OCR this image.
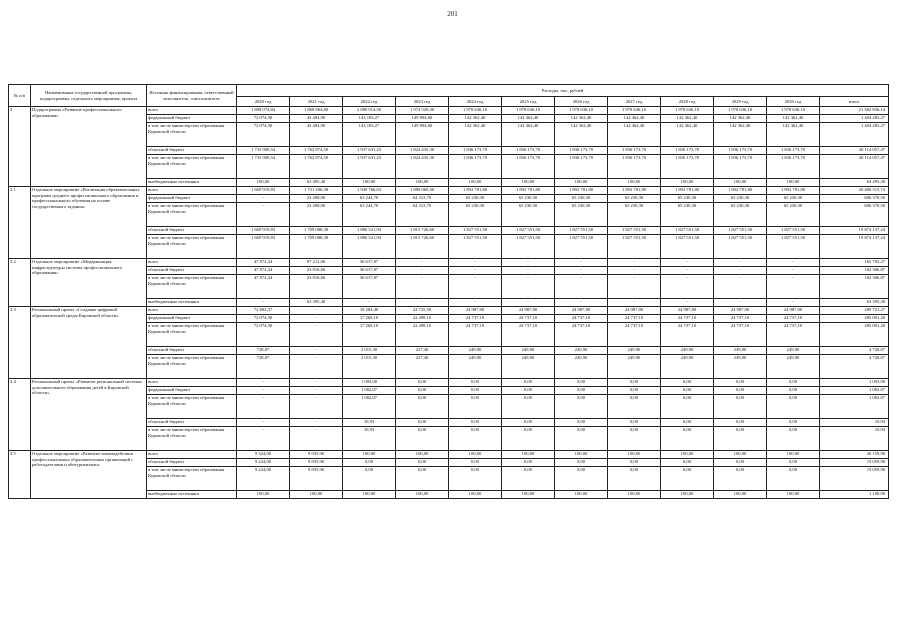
201
№ п/п	Наименование государственной программы, подпрограммы, отдельного мероприятия, проекта	Источник финансирования, ответственный исполнитель, соисполнитель	Расходы, тыс. рублей											
			2020 год	2021 год	2022 год	2023 год	2024 год	2025 год	2026 год	2027 год	2028 год	2029 год	2030 год	итого
3	Подпрограмма «Развитие профессионального образования»	всего	1 808 074,84	1 868 864,80	2 080 914,50	1 974 529,30	1 978 636,10	1 978 636,10	1 978 636,10	1 978 636,10	1 978 636,10	1 978 636,10	1 978 636,10	21 582 836,14
		федеральный бюджет	72 074,30	42 494,90	143 183,27	149 994,00	142 362,40	142 362,40	142 362,40	142 362,40	142 362,40	142 362,40	142 362,40	1 404 283,27
		в том числе министерство образования Кировской области	72 074,30	42 494,90	143 183,27	149 994,00	142 362,40	142 362,40	142 362,40	142 362,40	142 362,40	142 362,40	142 362,40	1 404 283,27
		областной бюджет	1 735 900,54	1 762 874,50	1 937 631,23	1 824 435,30	1 836 173,70	1 836 173,70	1 836 173,70	1 836 173,70	1 836 173,70	1 836 173,70	1 836 173,70	20 114 057,47
		в том числе министерство образования Кировской области	1 735 900,54	1 762 874,50	1 937 631,23	1 824 435,30	1 836 173,70	1 836 173,70	1 836 173,70	1 836 173,70	1 836 173,70	1 836 173,70	1 836 173,70	20 114 057,47
		внебюджетные источники	100,00	63 495,40	100,00	100,00	100,00	100,00	100,00	100,00	100,00	100,00	100,00	64 495,40
3.1	Отдельное мероприятие «Реализация образовательных программ среднего профессионального образования и профессионального обучения на основе государственного задания»	всего	1 669 919,83	1 731 296,38	1 949 766,63	1 880 060,30	1 892 781,80	1 892 781,80	1 892 781,80	1 892 781,80	1 892 781,80	1 892 781,80	1 892 781,80	20 480 515,74
		федеральный бюджет	-	22 208,00	63 244,70	64 313,70	65 230,30	65 230,30	65 230,30	65 230,30	65 230,30	65 230,30	65 230,30	606 378,50
		в том числе министерство образования Кировской области	-	22 208,00	63 244,70	64 313,70	65 230,30	65 230,30	65 230,30	65 230,30	65 230,30	65 230,30	65 230,30	606 378,50
		областной бюджет	1 669 919,83	1 709 088,38	1 886 521,93	1 815 726,60	1 827 551,50	1 827 551,50	1 827 551,50	1 827 551,50	1 827 551,50	1 827 551,50	1 827 551,50	19 874 137,24
		в том числе министерство образования Кировской области	1 669 919,83	1 709 088,38	1 886 521,93	1 815 726,60	1 827 551,50	1 827 551,50	1 827 551,50	1 827 551,50	1 827 551,50	1 827 551,50	1 827 551,50	19 874 137,24
3.2	Отдельное мероприятие «Модернизация инфраструктуры системы профессионального образования»	всего	47 872,34	87 212,06	30 617,87	-	-	-	-	-	-	-	-	165 702,27
		областной бюджет	47 872,34	23 816,66	30 617,87	-	-	-	-	-	-	-	-	102 306,87
		в том числе министерство образования Кировской области	47 872,34	23 816,66	30 617,87	-	-	-	-	-	-	-	-	102 306,87
		внебюджетные источники	-	63 395,40	-	-	-	-	-	-	-	-	-	63 395,40
3.3	Региональный проект «Создание цифровой образовательной среды Кировской области»	всего	72 802,37	-	19 284,40	22 725,50	24 987,00	24 987,00	24 987,00	24 987,00	24 987,00	24 987,00	24 987,00	289 721,27
		федеральный бюджет	72 074,30	-	17 269,10	22 498,10	24 737,10	24 737,10	24 737,10	24 737,10	24 737,10	24 737,10	24 737,10	285 001,20
		в том числе министерство образования Кировской области	72 074,30	-	17 269,10	22 498,10	24 737,10	24 737,10	24 737,10	24 737,10	24 737,10	24 737,10	24 737,10	285 001,20
		областной бюджет	728,07	-	2 015,30	227,40	249,90	249,90	249,90	249,90	249,90	249,90	249,90	4 720,07
		в том числе министерство образования Кировской области	728,07	-	2 015,30	227,40	249,90	249,90	249,90	249,90	249,90	249,90	249,90	4 720,07
3.4	Региональный проект «Развитие региональной системы дополнительного образования детей в Кировской области»	всего	-	-	1 093,00	0,00	0,00	0,00	0,00	0,00	0,00	0,00	0,00	1 093,00
		федеральный бюджет	-	-	1 082,07	0,00	0,00	0,00	0,00	0,00	0,00	0,00	0,00	1 082,07
		в том числе министерство образования Кировской области	-	-	1 082,07	0,00	0,00	0,00	0,00	0,00	0,00	0,00	0,00	1 082,07
		областной бюджет	-	-	10,93	0,00	0,00	0,00	0,00	0,00	0,00	0,00	0,00	10,93
		в том числе министерство образования Кировской области	-	-	10,93	0,00	0,00	0,00	0,00	0,00	0,00	0,00	0,00	10,93
3.5	Отдельное мероприятие «Развитие взаимодействия профессиональных образовательных организаций с работодателями и абитуриентами»	всего	9 324,00	9 935,96	100,00	100,00	100,00	100,00	100,00	100,00	100,00	100,00	100,00	20 159,96
		областной бюджет	9 224,00	9 835,96	0,00	0,00	0,00	0,00	0,00	0,00	0,00	0,00	0,00	19 059,96
		в том числе министерство образования Кировской области	9 224,00	9 835,96	0,00	0,00	0,00	0,00	0,00	0,00	0,00	0,00	0,00	19 059,96
		внебюджетные источники	100,00	100,00	100,00	100,00	100,00	100,00	100,00	100,00	100,00	100,00	100,00	1 100,00
